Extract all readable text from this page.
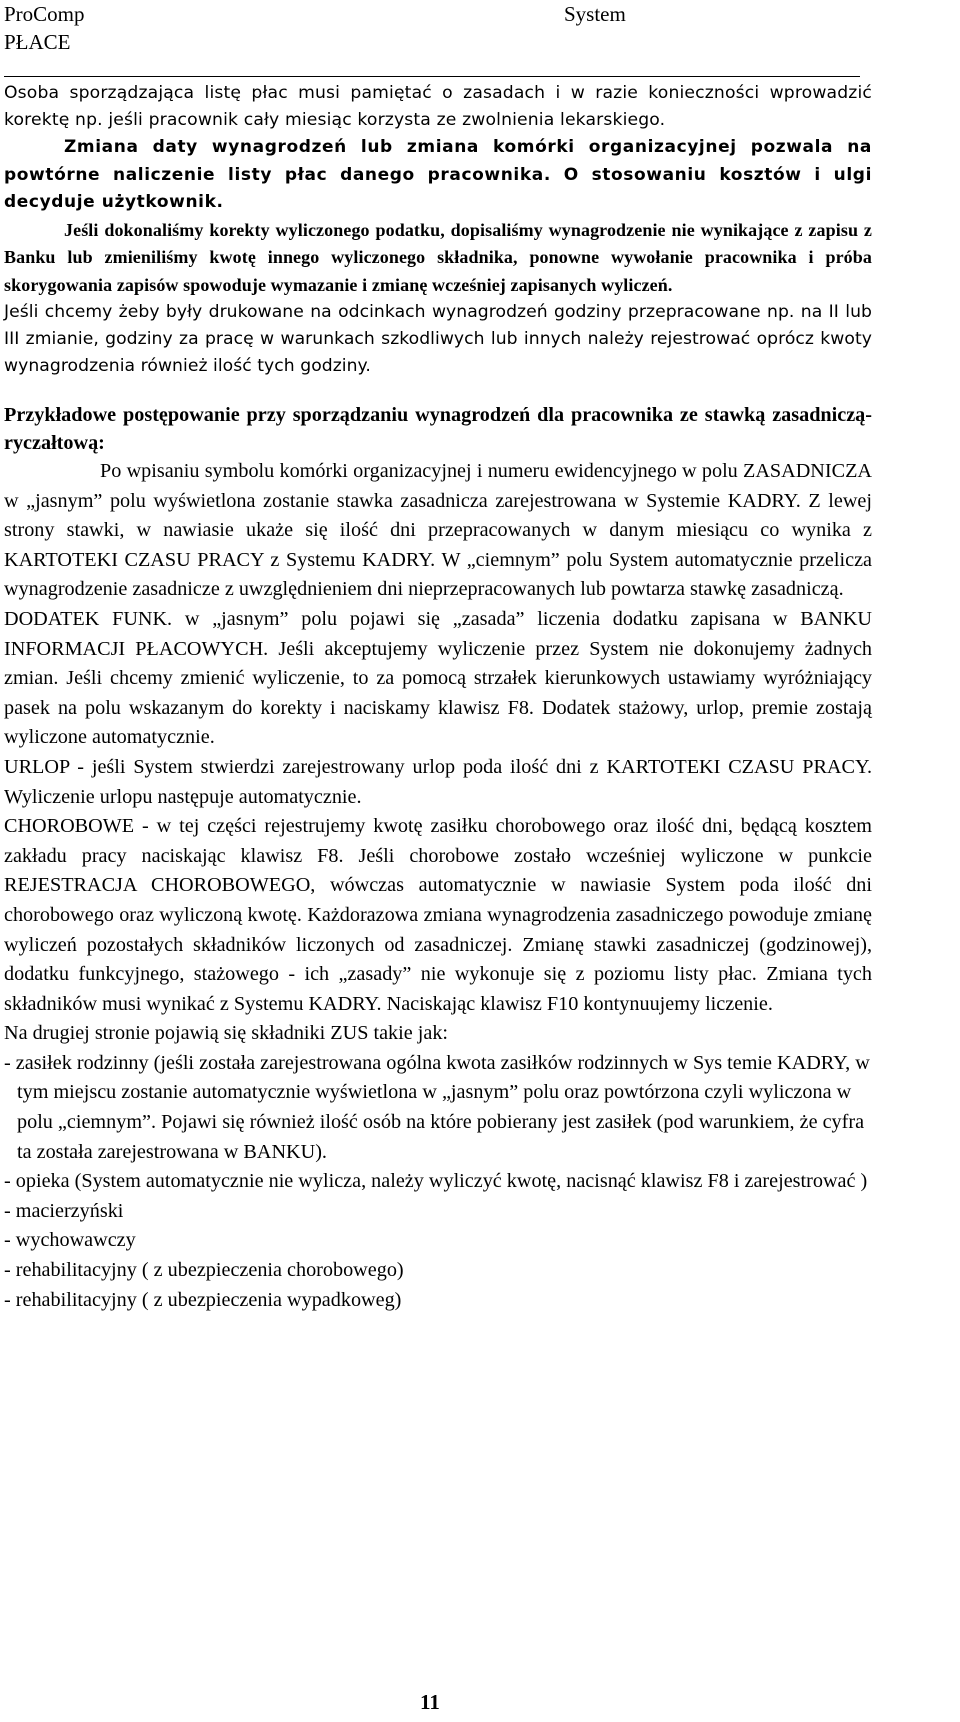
ProComp	System
PŁACE

Osoba sporządzająca listę płac musi pamiętać o zasadach i w razie konieczności wprowadzić korektę np. jeśli pracownik cały miesiąc korzysta ze zwolnienia lekarskiego.

Zmiana daty wynagrodzeń lub zmiana komórki organizacyjnej pozwala na powtórne naliczenie listy płac danego pracownika. O stosowaniu kosztów i ulgi decyduje użytkownik.

Jeśli dokonaliśmy korekty wyliczonego podatku, dopisaliśmy wynagrodzenie nie wynikające z zapisu z Banku lub zmieniliśmy kwotę innego wyliczonego składnika, ponowne wywołanie pracownika i próba skorygowania zapisów spowoduje wymazanie i zmianę wcześniej zapisanych wyliczeń.

Jeśli chcemy żeby były drukowane na odcinkach wynagrodzeń godziny przepracowane np. na II lub III zmianie, godziny za pracę w warunkach szkodliwych lub innych należy rejestrować oprócz kwoty wynagrodzenia również ilość tych godziny.

Przykładowe postępowanie przy sporządzaniu wynagrodzeń dla pracownika ze stawką zasadniczą-ryczałtową:

Po wpisaniu symbolu komórki organizacyjnej i numeru ewidencyjnego w polu ZASADNICZA w „jasnym” polu wyświetlona zostanie stawka zasadnicza zarejestrowana w Systemie KADRY. Z lewej strony stawki, w nawiasie ukaże się ilość dni przepracowanych w danym miesiącu co wynika z KARTOTEKI CZASU PRACY z Systemu KADRY. W „ciemnym” polu System automatycznie przelicza wynagrodzenie zasadnicze z uwzględnieniem dni nieprzepracowanych lub powtarza stawkę zasadniczą.

DODATEK FUNK. w „jasnym” polu pojawi się „zasada” liczenia dodatku zapisana w BANKU INFORMACJI PŁACOWYCH. Jeśli akceptujemy wyliczenie przez System nie dokonujemy żadnych zmian. Jeśli chcemy zmienić wyliczenie, to za pomocą strzałek kierunkowych ustawiamy wyróżniający pasek na polu wskazanym do korekty i naciskamy klawisz F8. Dodatek stażowy, urlop, premie zostają wyliczone automatycznie.

URLOP - jeśli System stwierdzi zarejestrowany urlop poda ilość dni z KARTOTEKI CZASU PRACY. Wyliczenie urlopu następuje automatycznie.

CHOROBOWE - w tej części rejestrujemy kwotę zasiłku chorobowego oraz ilość dni, będącą kosztem zakładu pracy naciskając klawisz F8. Jeśli chorobowe zostało wcześniej wyliczone w punkcie REJESTRACJA CHOROBOWEGO, wówczas automatycznie w nawiasie System poda ilość dni chorobowego oraz wyliczoną kwotę. Każdorazowa zmiana wynagrodzenia zasadniczego powoduje zmianę wyliczeń pozostałych składników liczonych od zasadniczej. Zmianę stawki zasadniczej (godzinowej), dodatku funkcyjnego, stażowego - ich „zasady” nie wykonuje się z poziomu listy płac. Zmiana tych składników musi wynikać z Systemu KADRY. Naciskając klawisz F10 kontynuujemy liczenie.

Na drugiej stronie pojawią się składniki ZUS takie jak:

- zasiłek rodzinny (jeśli została zarejestrowana ogólna kwota zasiłków rodzinnych w Sys temie KADRY, w tym miejscu zostanie automatycznie wyświetlona w „jasnym” polu oraz powtórzona czyli wyliczona w polu „ciemnym”. Pojawi się również ilość osób na które pobierany jest zasiłek (pod warunkiem, że cyfra ta została zarejestrowana w BANKU).
- opieka (System automatycznie nie wylicza, należy wyliczyć kwotę, nacisnąć klawisz F8 i zarejestrować )
- macierzyński
- wychowawczy
- rehabilitacyjny ( z ubezpieczenia chorobowego)
- rehabilitacyjny ( z ubezpieczenia wypadkoweg)
11
